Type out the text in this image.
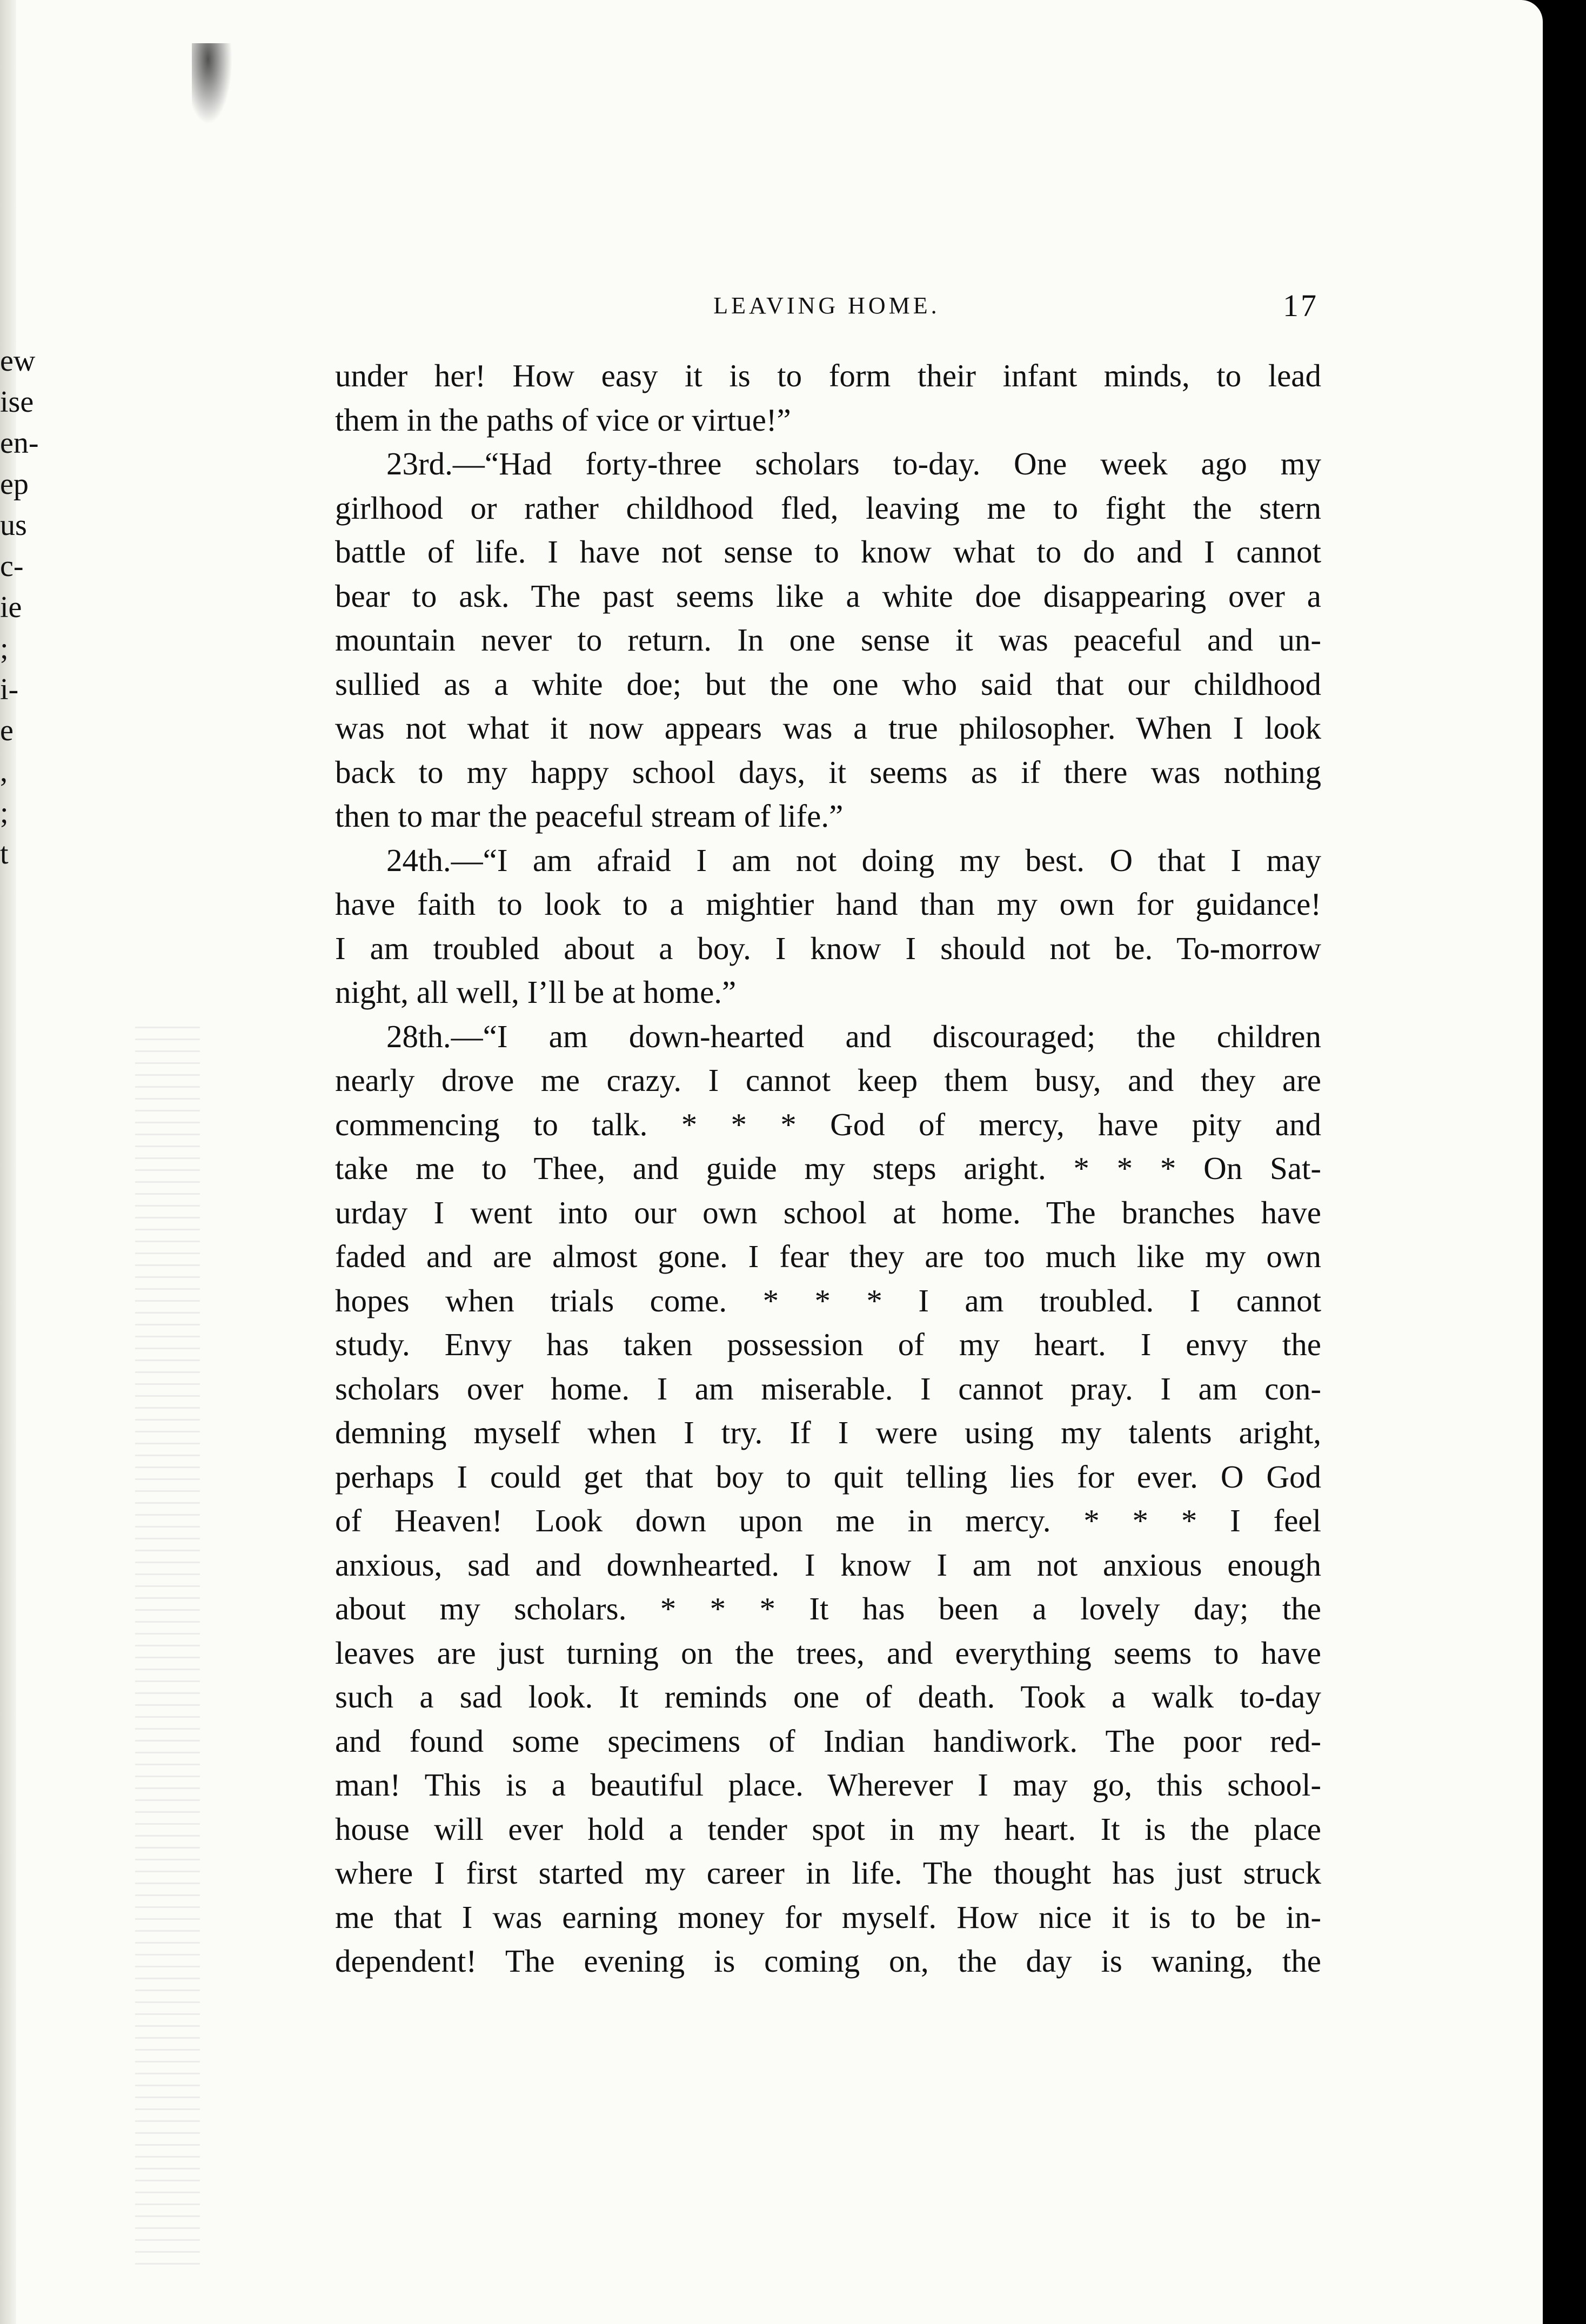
ew
ise
en-
ep
us
c-
ie
;
i-
e
,
;
t
LEAVING HOME.	17
under her! How easy it is to form their infant minds, to lead
them in the paths of vice or virtue!”
23rd.—“Had forty-three scholars to-day. One week ago my
girlhood or rather childhood fled, leaving me to fight the stern
battle of life. I have not sense to know what to do and I cannot
bear to ask. The past seems like a white doe disappearing over a
mountain never to return. In one sense it was peaceful and un-
sullied as a white doe; but the one who said that our childhood
was not what it now appears was a true philosopher. When I look
back to my happy school days, it seems as if there was nothing
then to mar the peaceful stream of life.”
24th.—“I am afraid I am not doing my best. O that I may
have faith to look to a mightier hand than my own for guidance!
I am troubled about a boy. I know I should not be. To-morrow
night, all well, I’ll be at home.”
28th.—“I am down-hearted and discouraged; the children
nearly drove me crazy. I cannot keep them busy, and they are
commencing to talk. * * * God of mercy, have pity and
take me to Thee, and guide my steps aright. * * * On Sat-
urday I went into our own school at home. The branches have
faded and are almost gone. I fear they are too much like my own
hopes when trials come. * * * I am troubled. I cannot
study. Envy has taken possession of my heart. I envy the
scholars over home. I am miserable. I cannot pray. I am con-
demning myself when I try. If I were using my talents aright,
perhaps I could get that boy to quit telling lies for ever. O God
of Heaven! Look down upon me in mercy. * * * I feel
anxious, sad and downhearted. I know I am not anxious enough
about my scholars. * * * It has been a lovely day; the
leaves are just turning on the trees, and everything seems to have
such a sad look. It reminds one of death. Took a walk to-day
and found some specimens of Indian handiwork. The poor red-
man! This is a beautiful place. Wherever I may go, this school-
house will ever hold a tender spot in my heart. It is the place
where I first started my career in life. The thought has just struck
me that I was earning money for myself. How nice it is to be in-
dependent! The evening is coming on, the day is waning, the
